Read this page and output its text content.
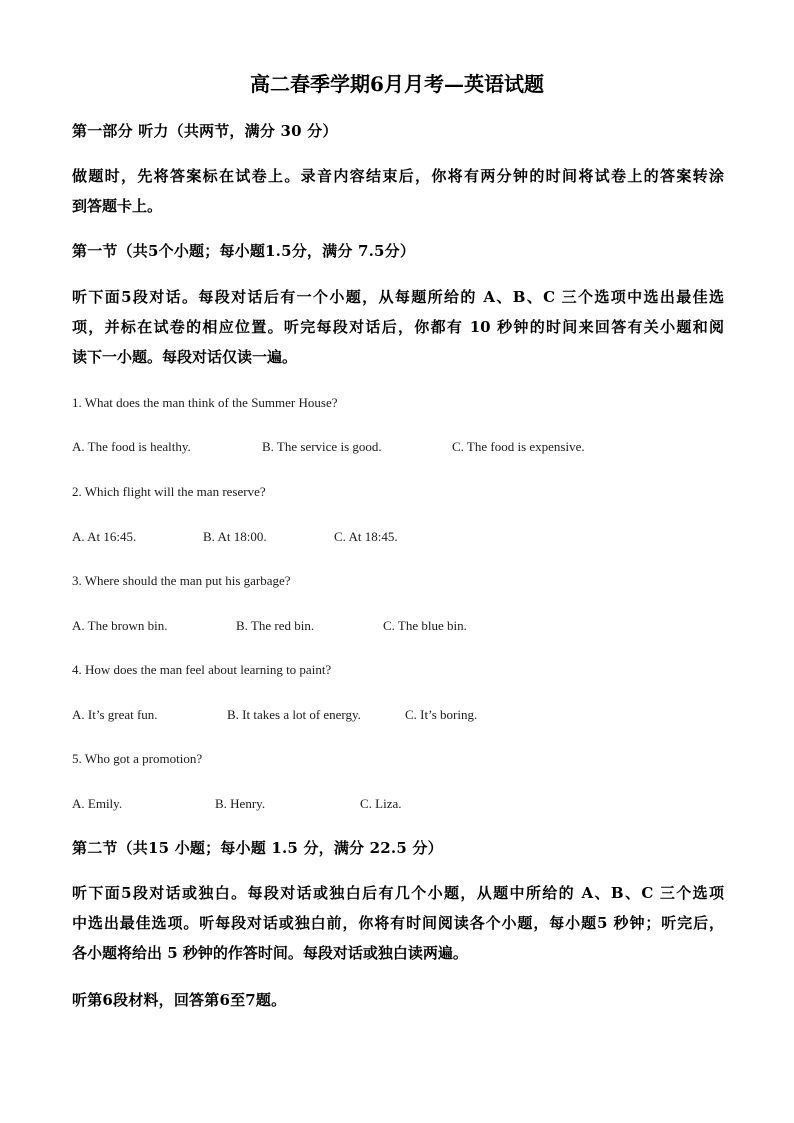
高二春季学期6月月考—英语试题
第一部分 听力（共两节，满分 30 分）
做题时，先将答案标在试卷上。录音内容结束后，你将有两分钟的时间将试卷上的答案转涂
到答题卡上。
第一节（共5个小题；每小题1.5分，满分 7.5分）
听下面5段对话。每段对话后有一个小题，从每题所给的 A、B、C 三个选项中选出最佳选
项，并标在试卷的相应位置。听完每段对话后，你都有 10 秒钟的时间来回答有关小题和阅
读下一小题。每段对话仅读一遍。
1. What does the man think of the Summer House?
A. The food is healthy.	B. The service is good.	C. The food is expensive.
2. Which flight will the man reserve?
A. At 16:45.	B. At 18:00.	C. At 18:45.
3. Where should the man put his garbage?
A. The brown bin.	B. The red bin.	C. The blue bin.
4. How does the man feel about learning to paint?
A. It’s great fun.	B. It takes a lot of energy.	C. It’s boring.
5. Who got a promotion?
A. Emily.	B. Henry.	C. Liza.
第二节（共15 小题；每小题 1.5 分，满分 22.5 分）
听下面5段对话或独白。每段对话或独白后有几个小题，从题中所给的 A、B、C 三个选项
中选出最佳选项。听每段对话或独白前，你将有时间阅读各个小题，每小题5 秒钟；听完后，
各小题将给出 5 秒钟的作答时间。每段对话或独白读两遍。
听第6段材料，回答第6至7题。
